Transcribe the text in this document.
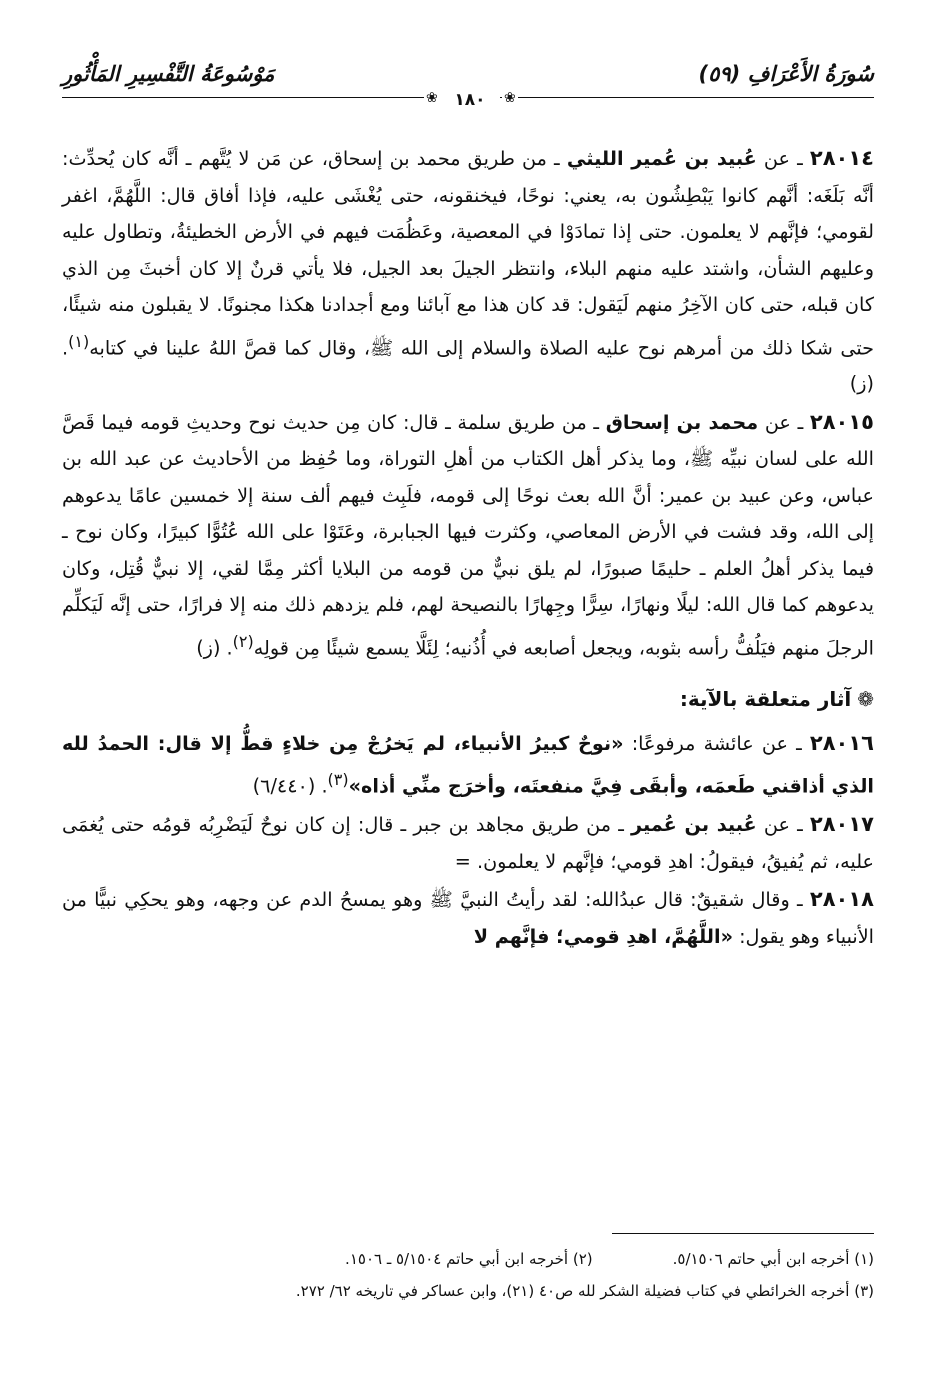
سُورَةُ الأَعْرَافِ (٥٩)
مَوْسُوعَةُ التَّفْسِيرِ المَأْثُورِ
❀ ١٨٠	❀

٢٨٠١٤ ـ عن عُبيد بن عُمير الليثي ـ من طريق محمد بن إسحاق، عن مَن لا يُتَّهم ـ أنَّه كان يُحدِّث: أنَّه بَلَغَه: أنَّهم كانوا يَبْطِشُون به، يعني: نوحًا، فيخنقونه، حتى يُغْشَى عليه، فإذا أفاق قال: اللَّهُمَّ، اغفر لقومي؛ فإنَّهم لا يعلمون. حتى إذا تمادَوْا في المعصية، وعَظُمَت فيهم في الأرض الخطيئةُ، وتطاول عليه وعليهم الشأن، واشتد عليه منهم البلاء، وانتظر الجيلَ بعد الجيل، فلا يأتي قرنٌ إلا كان أخبثَ مِن الذي كان قبله، حتى كان الآخِرُ منهم لَيَقول: قد كان هذا مع آبائنا ومع أجدادنا هكذا مجنونًا. لا يقبلون منه شيئًا، حتى شكا ذلك من أمرهم نوح عليه الصلاة والسلام إلى الله ﷺ، وقال كما قصَّ اللهُ علينا في كتابه$^{(١)}$. (ز)

٢٨٠١٥ ـ عن محمد بن إسحاق ـ من طريق سلمة ـ قال: كان مِن حديث نوح وحديثِ قومه فيما قَصَّ الله على لسان نبيِّه ﷺ، وما يذكر أهل الكتاب من أهلِ التوراة، وما حُفِظ من الأحاديث عن عبد الله بن عباس، وعن عبيد بن عمير: أنَّ الله بعث نوحًا إلى قومه، فلَبِث فيهم ألف سنة إلا خمسين عامًا يدعوهم إلى الله، وقد فشت في الأرض المعاصي، وكثرت فيها الجبابرة، وعَتَوْا على الله عُتُوًّا كبيرًا، وكان نوح ـ فيما يذكر أهلُ العلم ـ حليمًا صبورًا، لم يلق نبيٌّ من قومه من البلايا أكثر مِمَّا لقي، إلا نبيٌّ قُتِل، وكان يدعوهم كما قال الله: ليلًا ونهارًا، سِرًّا وجِهارًا بالنصيحة لهم، فلم يزدهم ذلك منه إلا فرارًا، حتى إنَّه لَيَكلِّم الرجلَ منهم فيَلُفُّ رأسه بثوبه، ويجعل أصابعه في أُذُنيه؛ لِئَلَّا يسمع شيئًا مِن قولِه$^{(٢)}$. (ز)

❁آثار متعلقة بالآية:

٢٨٠١٦ ـ عن عائشة مرفوعًا: «نوحٌ كبيرُ الأنبياء، لم يَخرُجْ مِن خلاءٍ قطُّ إلا قال: الحمدُ لله الذي أذاقني طَعمَه، وأبقَى فِيَّ منفعتَه، وأخرَج منِّي أذاه»$^{(٣)}$. (٦/٤٤٠)

٢٨٠١٧ ـ عن عُبيد بن عُمير ـ من طريق مجاهد بن جبر ـ قال: إن كان نوحٌ لَيَضْرِبُه قومُه حتى يُغمَى عليه، ثم يُفيقُ، فيقولُ: اهدِ قومي؛ فإنَّهم لا يعلمون. =

٢٨٠١٨ ـ وقال شقيقٌ: قال عبدُالله: لقد رأيتُ النبيَّ ﷺ وهو يمسحُ الدم عن وجهه، وهو يحكِي نبيًّا من الأنبياء وهو يقول: «اللَّهُمَّ، اهدِ قومي؛ فإنَّهم لا

(١) أخرجه ابن أبي حاتم ٥/١٥٠٦.
(٢) أخرجه ابن أبي حاتم ٥/١٥٠٤ ـ ١٥٠٦.
(٣) أخرجه الخرائطي في كتاب فضيلة الشكر لله ص٤٠ (٢١)، وابن عساكر في تاريخه ٦٢/ ٢٧٢.
